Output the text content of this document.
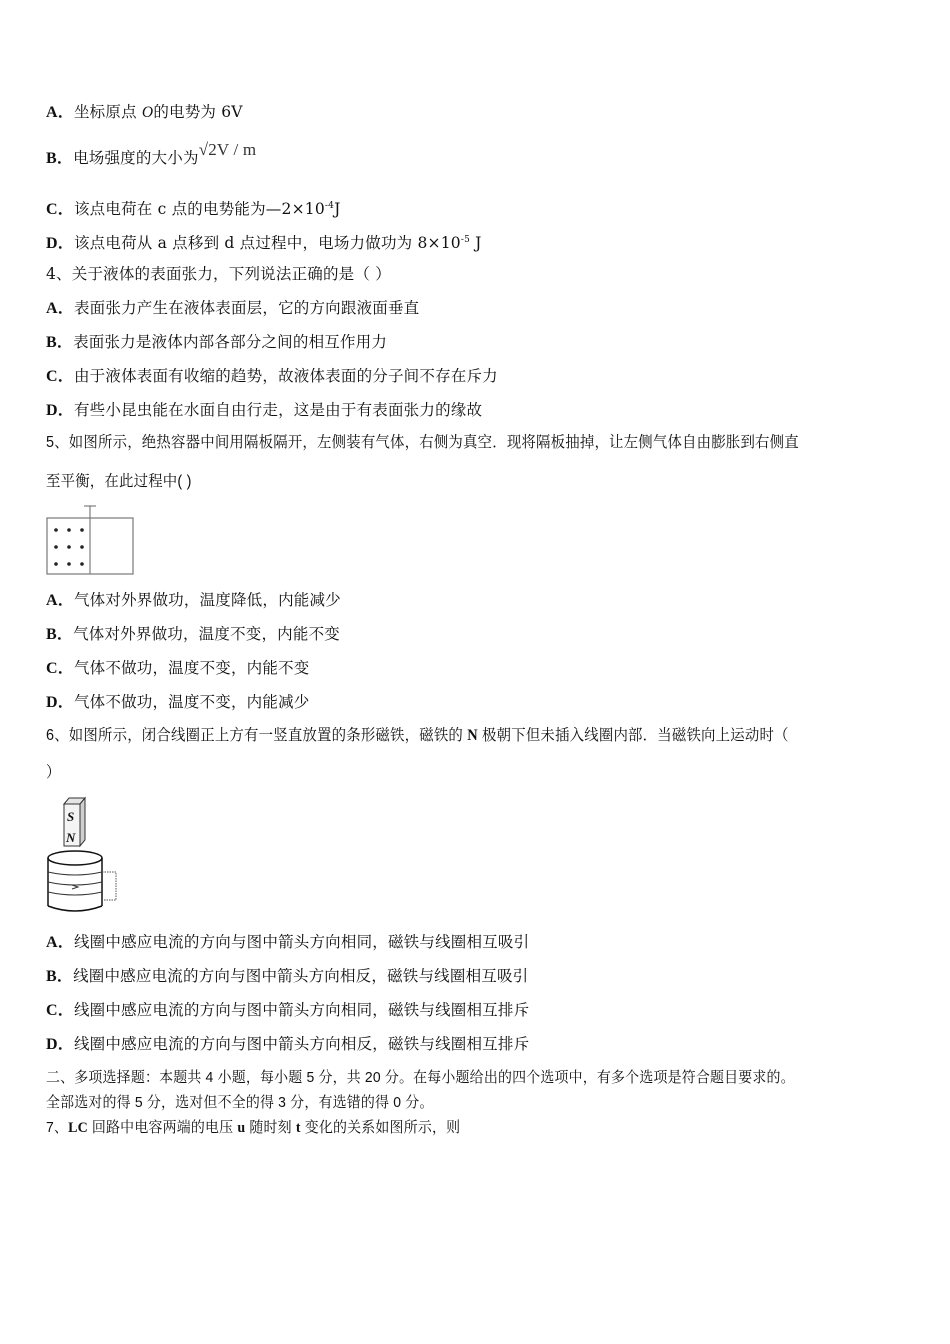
A．坐标原点 O的电势为 6V
B．电场强度的大小为√2V / m
C．该点电荷在 c 点的电势能为$—2\times 10^{-4}J$
D．该点电荷从 a 点移到 d 点过程中，电场力做功为 $8\times 10^{-5}$ J
4、关于液体的表面张力，下列说法正确的是（ ）
A．表面张力产生在液体表面层，它的方向跟液面垂直
B．表面张力是液体内部各部分之间的相互作用力
C．由于液体表面有收缩的趋势，故液体表面的分子间不存在斥力
D．有些小昆虫能在水面自由行走，这是由于有表面张力的缘故
5、如图所示，绝热容器中间用隔板隔开，左侧装有气体，右侧为真空．现将隔板抽掉，让左侧气体自由膨胀到右侧直
至平衡，在此过程中( )
A．气体对外界做功，温度降低，内能减少
B．气体对外界做功，温度不变，内能不变
C．气体不做功，温度不变，内能不变
D．气体不做功，温度不变，内能减少
6、如图所示，闭合线圈正上方有一竖直放置的条形磁铁，磁铁的 N 极朝下但未插入线圈内部．当磁铁向上运动时（
）
S
N
A．线圈中感应电流的方向与图中箭头方向相同，磁铁与线圈相互吸引
B．线圈中感应电流的方向与图中箭头方向相反，磁铁与线圈相互吸引
C．线圈中感应电流的方向与图中箭头方向相同，磁铁与线圈相互排斥
D．线圈中感应电流的方向与图中箭头方向相反，磁铁与线圈相互排斥
二、多项选择题：本题共 4 小题，每小题 5 分，共 20 分。在每小题给出的四个选项中，有多个选项是符合题目要求的。
全部选对的得 5 分，选对但不全的得 3 分，有选错的得 0 分。
7、LC 回路中电容两端的电压 u 随时刻 t 变化的关系如图所示，则
